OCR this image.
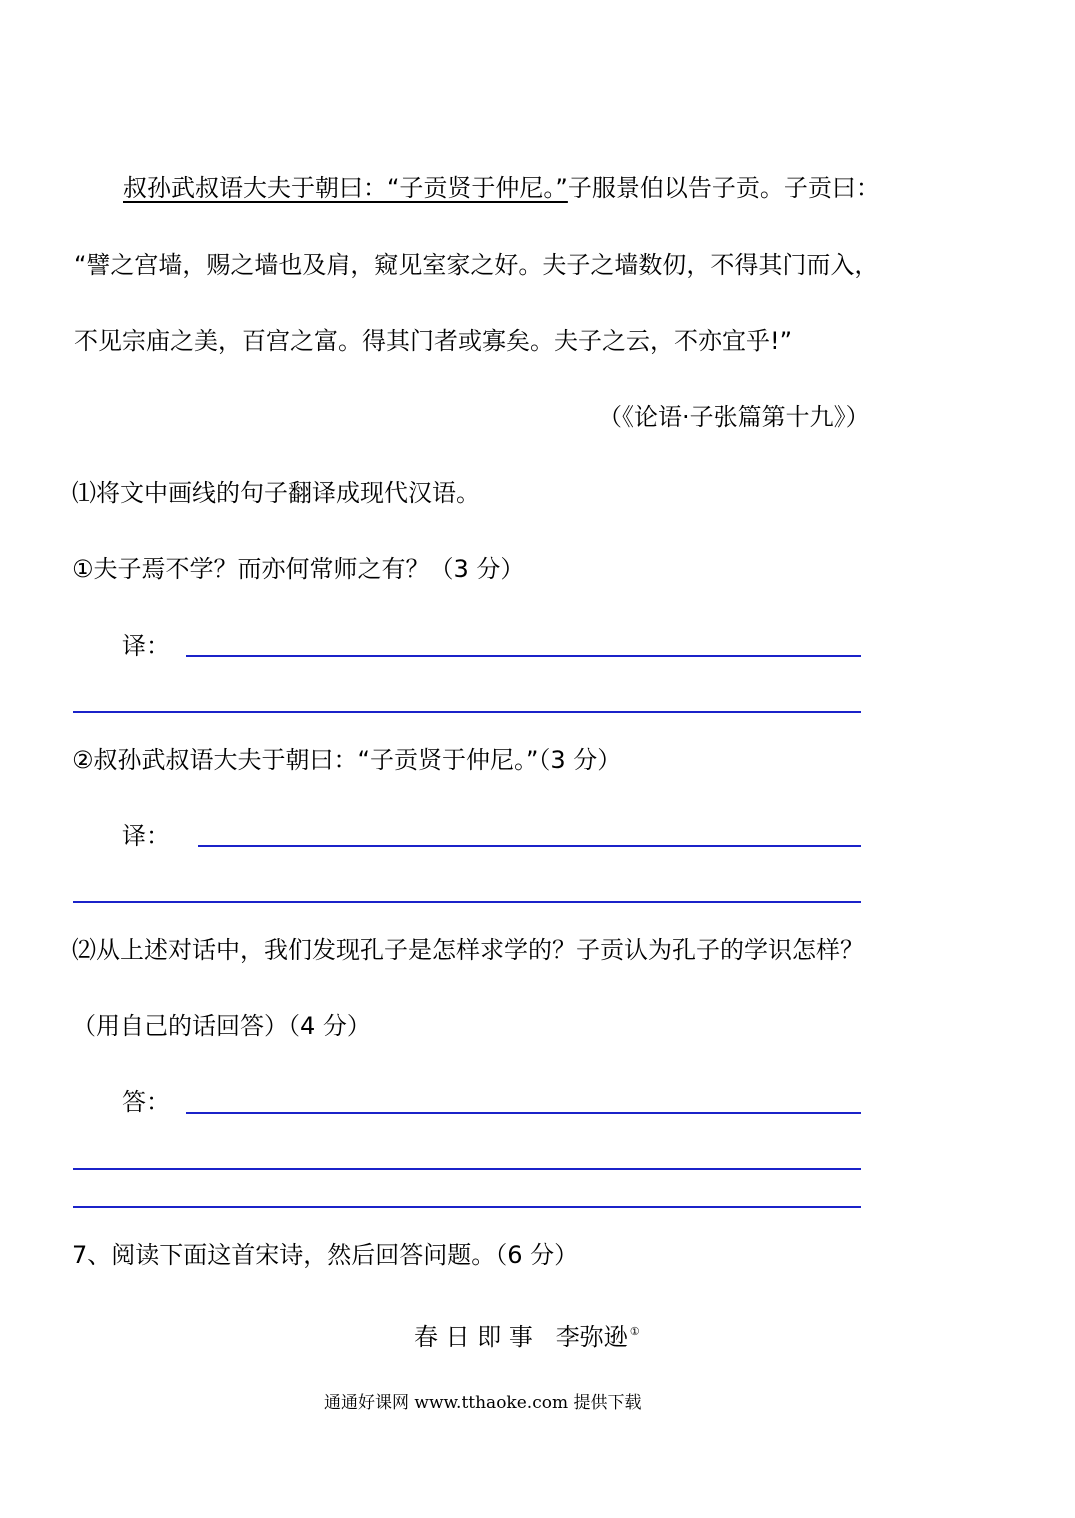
叔孙武叔语大夫于朝曰：“子贡贤于仲尼。”子服景伯以告子贡。子贡曰：
“譬之宫墙，赐之墙也及肩，窥见室家之好。夫子之墙数仞，不得其门而入，
不见宗庙之美，百宫之富。得其门者或寡矣。夫子之云，不亦宜乎!”
（《论语·子张篇第十九》）
⑴将文中画线的句子翻译成现代汉语。
①夫子焉不学？而亦何常师之有？（3 分）
译：
②叔孙武叔语大夫于朝曰：“子贡贤于仲尼。”（3 分）
译：
⑵从上述对话中，我们发现孔子是怎样求学的？子贡认为孔子的学识怎样？
（用自己的话回答）（4 分）
答：
7、阅读下面这首宋诗，然后回答问题。（6 分）
春 日 即 事 李弥逊 ①
通通好课网 www.tthaoke.com 提供下载
